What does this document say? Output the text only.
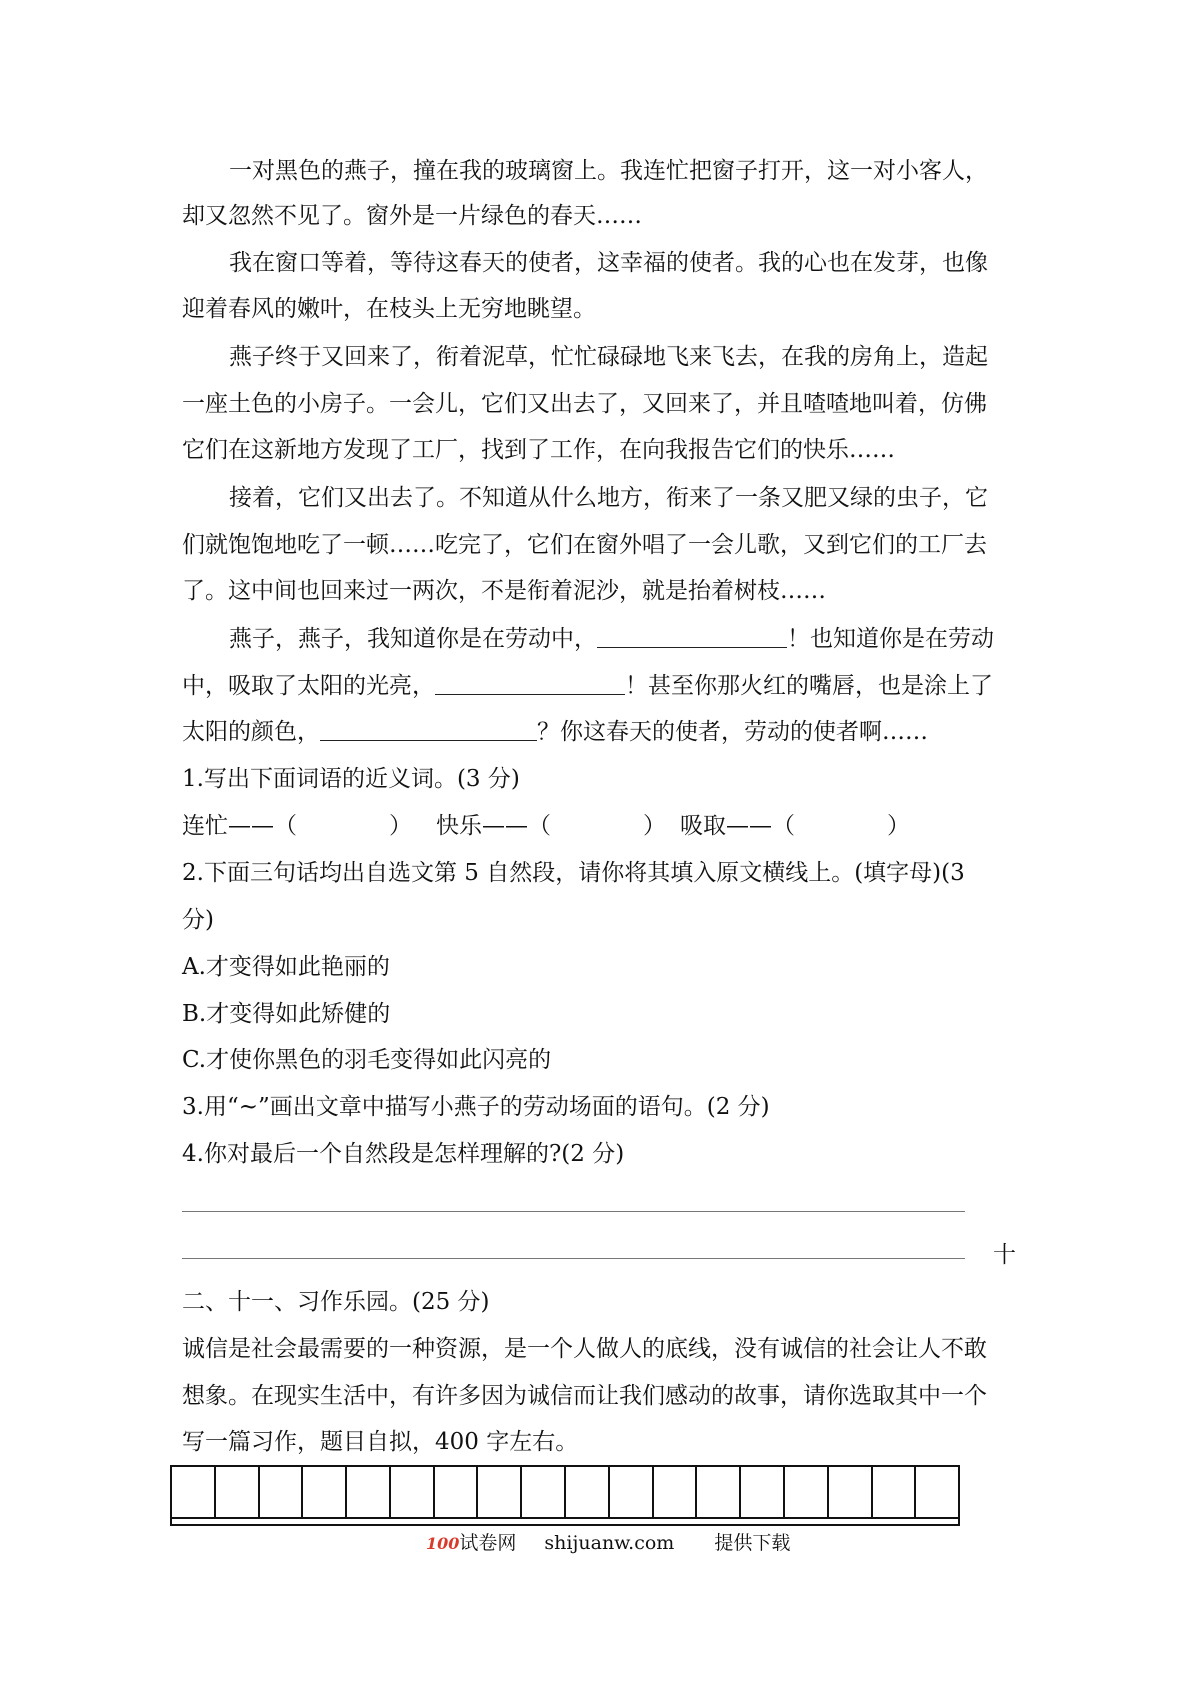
一对黑色的燕子，撞在我的玻璃窗上。我连忙把窗子打开，这一对小客人，
却又忽然不见了。窗外是一片绿色的春天……
我在窗口等着，等待这春天的使者，这幸福的使者。我的心也在发芽，也像
迎着春风的嫩叶，在枝头上无穷地眺望。
燕子终于又回来了，衔着泥草，忙忙碌碌地飞来飞去，在我的房角上，造起
一座土色的小房子。一会儿，它们又出去了，又回来了，并且喳喳地叫着，仿佛
它们在这新地方发现了工厂，找到了工作，在向我报告它们的快乐……
接着，它们又出去了。不知道从什么地方，衔来了一条又肥又绿的虫子，它
们就饱饱地吃了一顿……吃完了，它们在窗外唱了一会儿歌，又到它们的工厂去
了。这中间也回来过一两次，不是衔着泥沙，就是抬着树枝……
燕子，燕子，我知道你是在劳动中，	！也知道你是在劳动
中，吸取了太阳的光亮，	！甚至你那火红的嘴唇，也是涂上了
太阳的颜色，	？你这春天的使者，劳动的使者啊……
1.写出下面词语的近义词。(3 分)
连忙——（	） 快乐——（	） 吸取——（	）
2.下面三句话均出自选文第 5 自然段，请你将其填入原文横线上。(填字母)(3
分)
A.才变得如此艳丽的
B.才变得如此矫健的
C.才使你黑色的羽毛变得如此闪亮的
3.用“~”画出文章中描写小燕子的劳动场面的语句。(2 分)
4.你对最后一个自然段是怎样理解的?(2 分)
十
二、十一、习作乐园。(25 分)
诚信是社会最需要的一种资源，是一个人做人的底线，没有诚信的社会让人不敢
想象。在现实生活中，有许多因为诚信而让我们感动的故事，请你选取其中一个
写一篇习作，题目自拟，400 字左右。
100试卷网 shijuanw.com 提供下载
